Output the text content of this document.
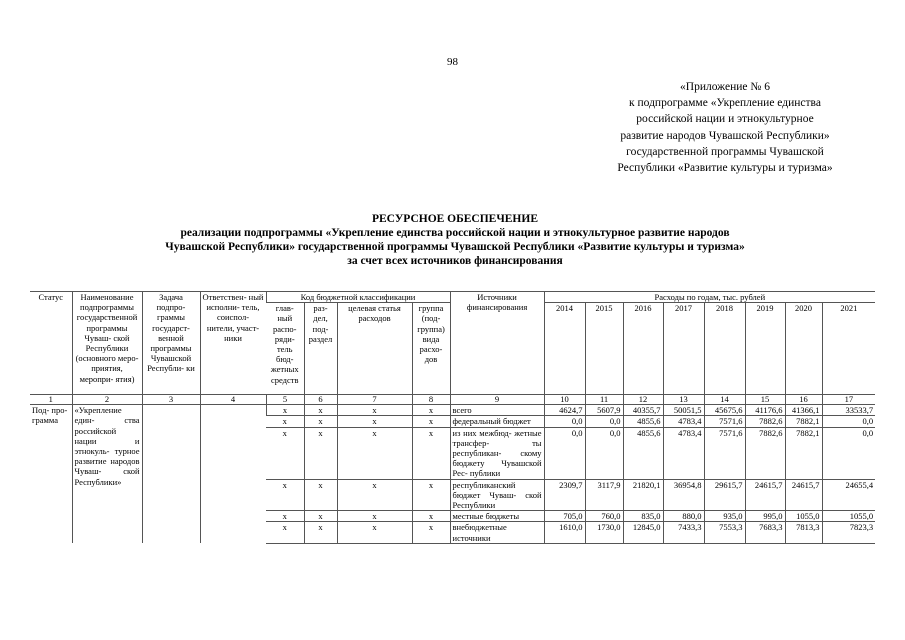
98
«Приложение № 6
к подпрограмме «Укрепление единства
российской нации и этнокультурное
развитие народов Чувашской Республики»
государственной программы Чувашской
Республики «Развитие культуры и туризма»
РЕСУРСНОЕ ОБЕСПЕЧЕНИЕ
реализации подпрограммы «Укрепление единства российской нации и этнокультурное развитие народов
Чувашской Республики» государственной программы Чувашской Республики «Развитие культуры и туризма»
за счет всех источников финансирования
Статус	Наименование подпрограммы государственной программы Чуваш- ской Республики (основного меро- приятия, меропри- ятия)	Задача подпро- граммы государст- венной программы Чувашской Республи- ки	Ответствен- ный исполни- тель, соиспол- нители, участ- ники	Код бюджетной классификации				Источники финансирования	Расходы по годам, тыс. рублей							
				глав- ный распо- ряди- тель бюд- жетных средств	раз- дел, под- раздел	целевая статья расходов	группа (под- группа) вида расхо- дов		2014	2015	2016	2017	2018	2019	2020	2021
1	2	3	4	5	6	7	8	9	10	11	12	13	14	15	16	17
Под- про- грамма	«Укрепление един- ства российской нации и этнокуль- турное развитие народов Чуваш- ской Республики»			x	x	x	x	всего	4624,7	5607,9	40355,7	50051,5	45675,6	41176,6	41366,1	33533,7
				x	x	x	x	федеральный бюджет	0,0	0,0	4855,6	4783,4	7571,6	7882,6	7882,1	0,0
				x	x	x	x	из них межбюд- жетные трансфер- ты республикан- скому бюджету Чувашской Рес- публики	0,0	0,0	4855,6	4783,4	7571,6	7882,6	7882,1	0,0
				x	x	x	x	республиканский бюджет Чуваш- ской Республики	2309,7	3117,9	21820,1	36954,8	29615,7	24615,7	24615,7	24655,4
				x	x	x	x	местные бюджеты	705,0	760,0	835,0	880,0	935,0	995,0	1055,0	1055,0
				x	x	x	x	внебюджетные источники	1610,0	1730,0	12845,0	7433,3	7553,3	7683,3	7813,3	7823,3
